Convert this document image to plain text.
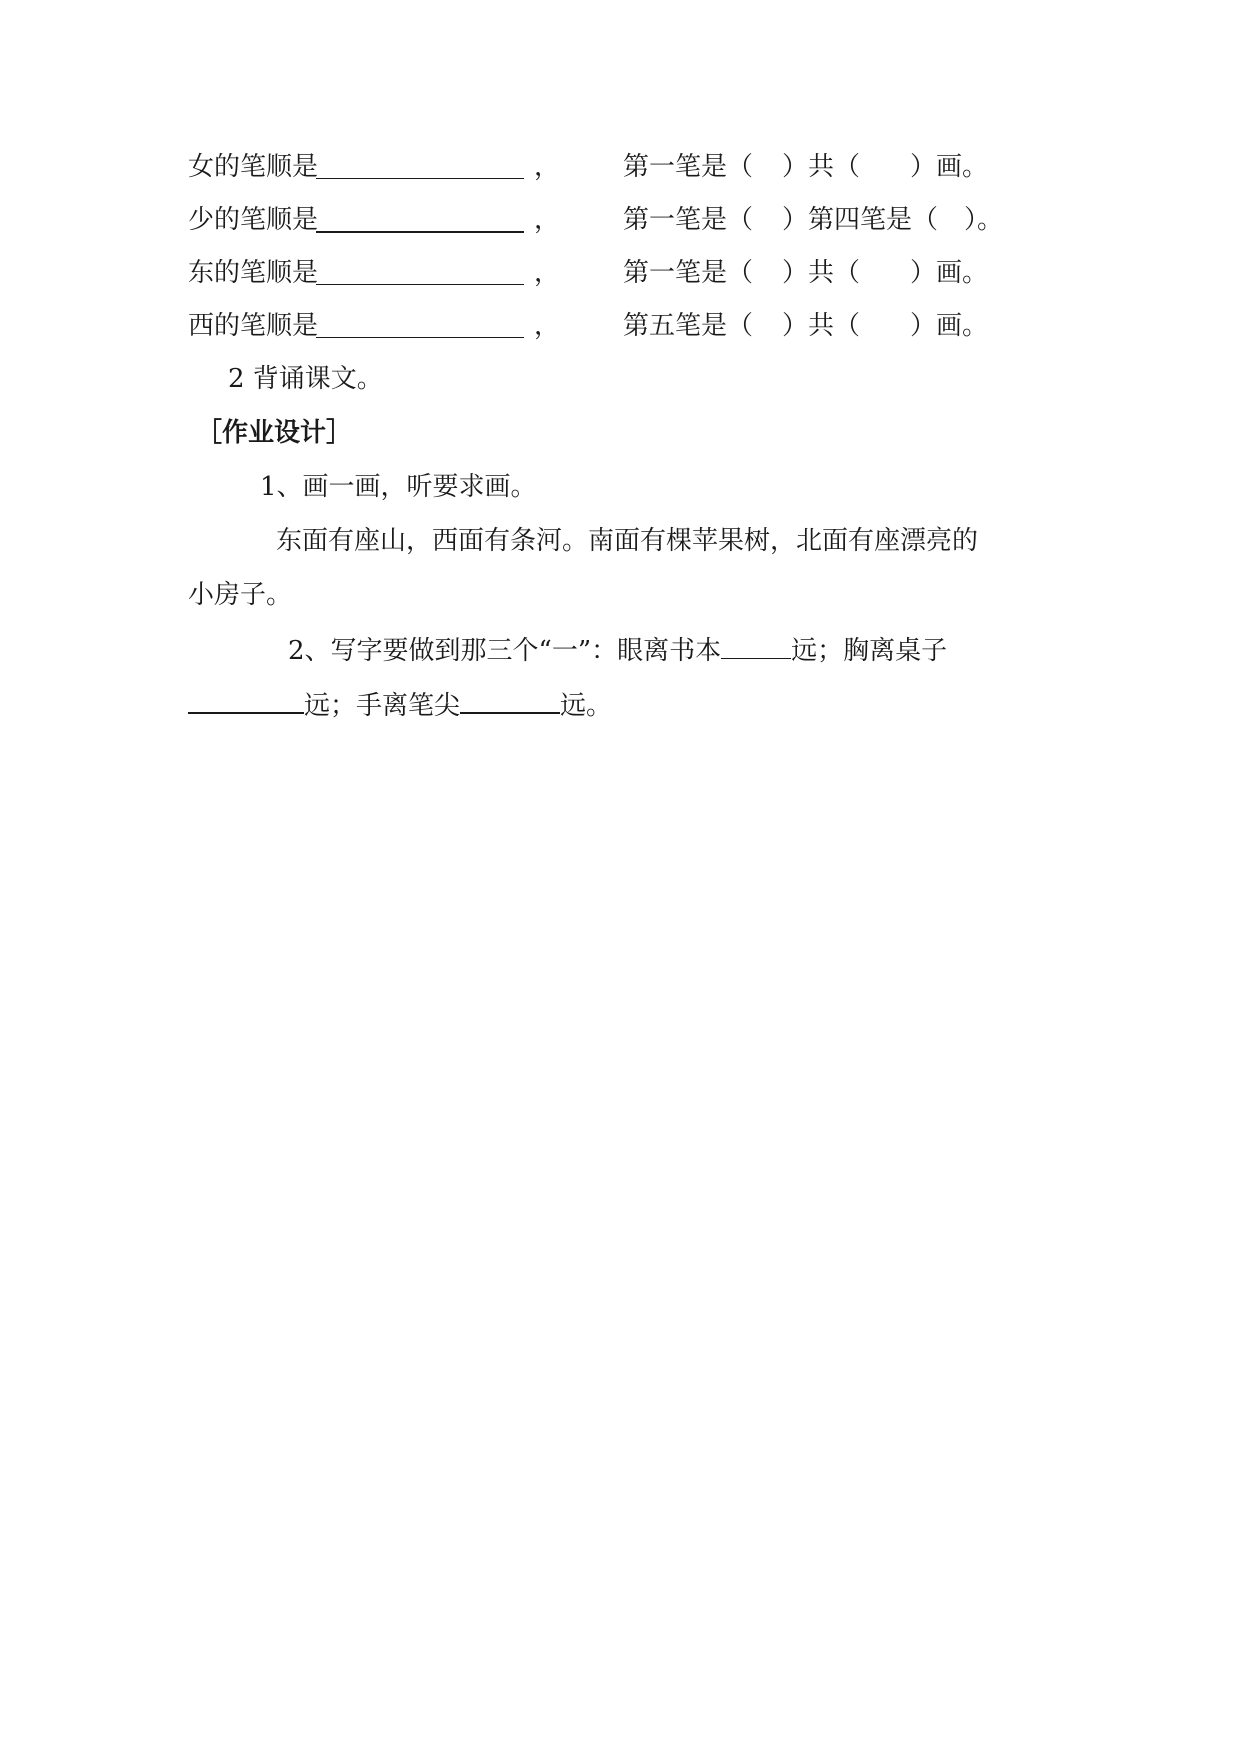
女的笔顺是	， 第一笔是（ ）共（ ）画。
少的笔顺是	， 第一笔是（ ）第四笔是（ ）。
东的笔顺是	， 第一笔是（ ）共（ ）画。
西的笔顺是	， 第五笔是（ ）共（ ）画。
2 背诵课文。
［作业设计］
1、画一画，听要求画。
东面有座山，西面有条河。南面有棵苹果树，北面有座漂亮的
小房子。
2、写字要做到那三个“一”：眼离书本	远；胸离桌子
远；手离笔尖	远。
